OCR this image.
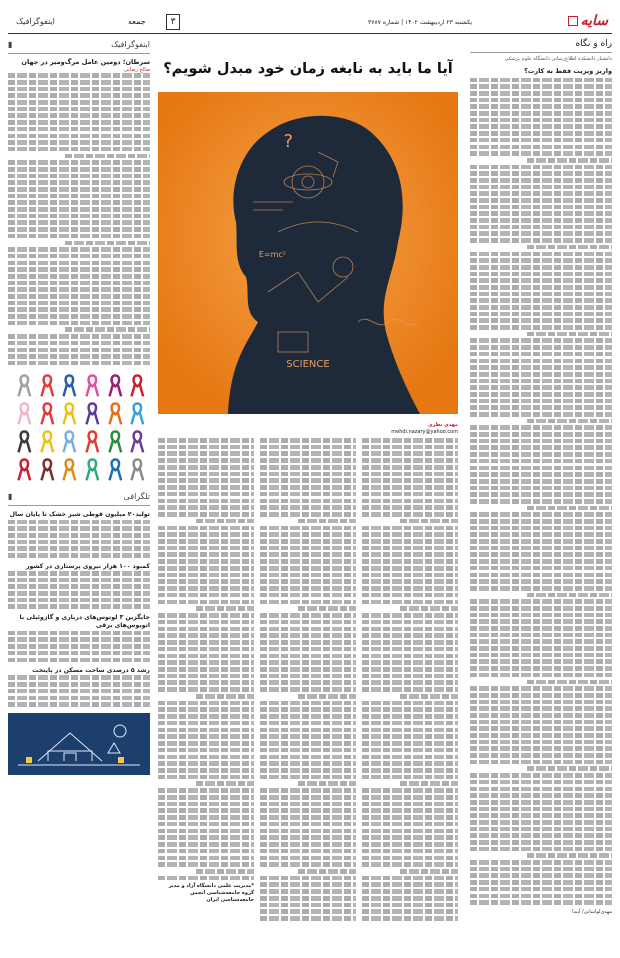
سایه
یکشنبه ۲۳ اردیبهشت ۱۴۰۲ | شماره ۳۷۸۷
۳
جمعه
اینفوگرافیک
راه و نگاه
دانشیار دانشکده اطلاع‌رسانی دانشگاه علوم پزشکی
واریز ویزیت فقط به کارت؟
مهدی‌لواسانی/ آیندا
آیا ما باید به نابغه زمان خود مبدل شویم؟
SCIENCE
E=mc²
?
مهدی نظری
mehdi.nazary@yahoo.com
*مدیریت علمی دانشگاه آزاد و مدیر گروه جامعه‌شناسی انجمن جامعه‌شناسی ایران
اینفوگرافیک
▮
سرطان؛ دومین عامل مرگ‌ومیر در جهان
صالح رضایی
تلگرافی
▮
تولید۲۰ میلیون قوطی شیر خشک تا پایان سال
کمبود ۱۰۰ هزار نیروی پرستاری در کشور
جایگزین ۳ لوتوس‌های درباری و گازوئیلی با اتوبوس‌های برقی
رشد ۵ درصدی ساخت مسکن در پایتخت
